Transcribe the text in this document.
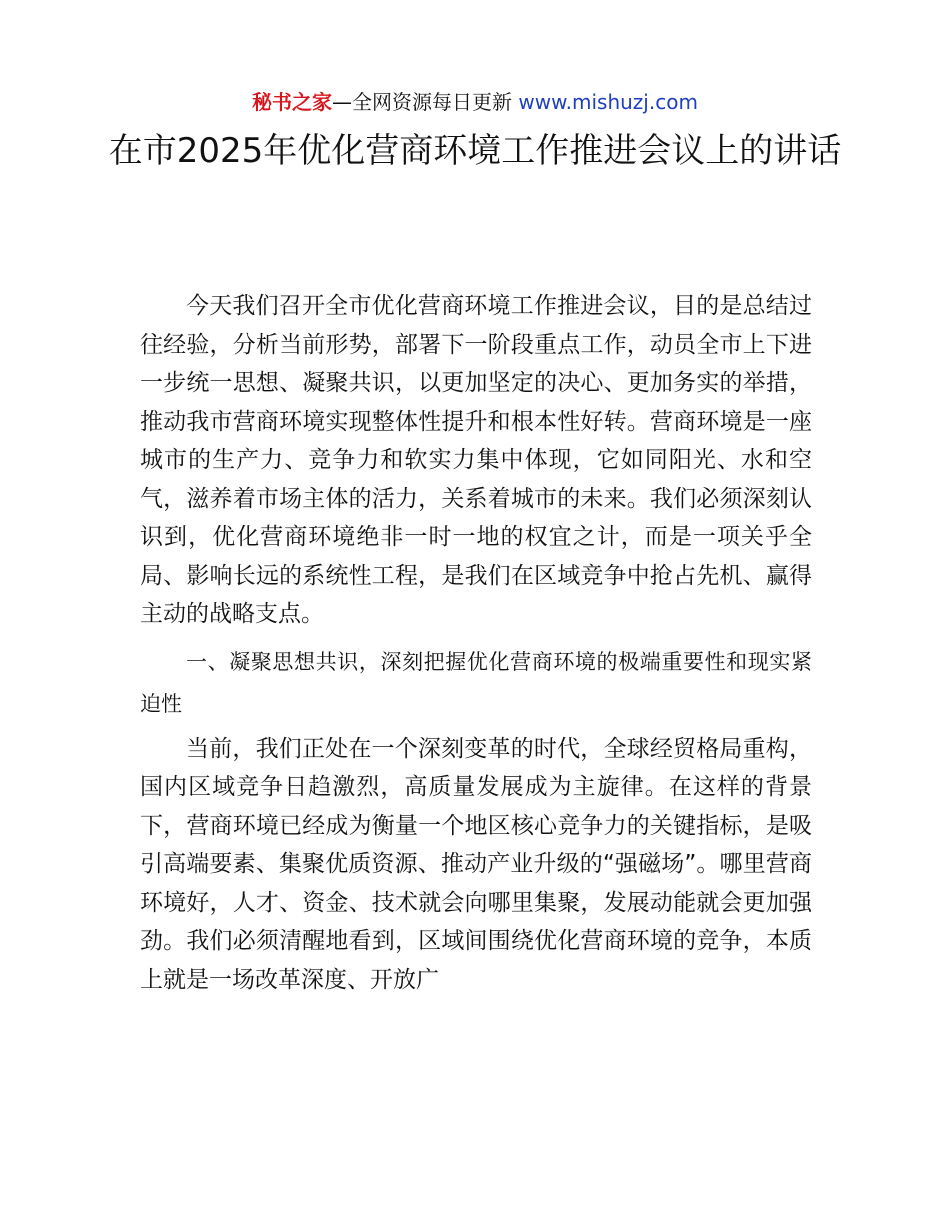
秘书之家—全网资源每日更新 www.mishuzj.com
在市2025年优化营商环境工作推进会议上的讲话

今天我们召开全市优化营商环境工作推进会议，目的是总结过往经验，分析当前形势，部署下一阶段重点工作，动员全市上下进一步统一思想、凝聚共识，以更加坚定的决心、更加务实的举措，推动我市营商环境实现整体性提升和根本性好转。营商环境是一座城市的生产力、竞争力和软实力集中体现，它如同阳光、水和空气，滋养着市场主体的活力，关系着城市的未来。我们必须深刻认识到，优化营商环境绝非一时一地的权宜之计，而是一项关乎全局、影响长远的系统性工程，是我们在区域竞争中抢占先机、赢得主动的战略支点。

一、凝聚思想共识，深刻把握优化营商环境的极端重要性和现实紧迫性

当前，我们正处在一个深刻变革的时代，全球经贸格局重构，国内区域竞争日趋激烈，高质量发展成为主旋律。在这样的背景下，营商环境已经成为衡量一个地区核心竞争力的关键指标，是吸引高端要素、集聚优质资源、推动产业升级的“强磁场”。哪里营商环境好，人才、资金、技术就会向哪里集聚，发展动能就会更加强劲。我们必须清醒地看到，区域间围绕优化营商环境的竞争，本质上就是一场改革深度、开放广
